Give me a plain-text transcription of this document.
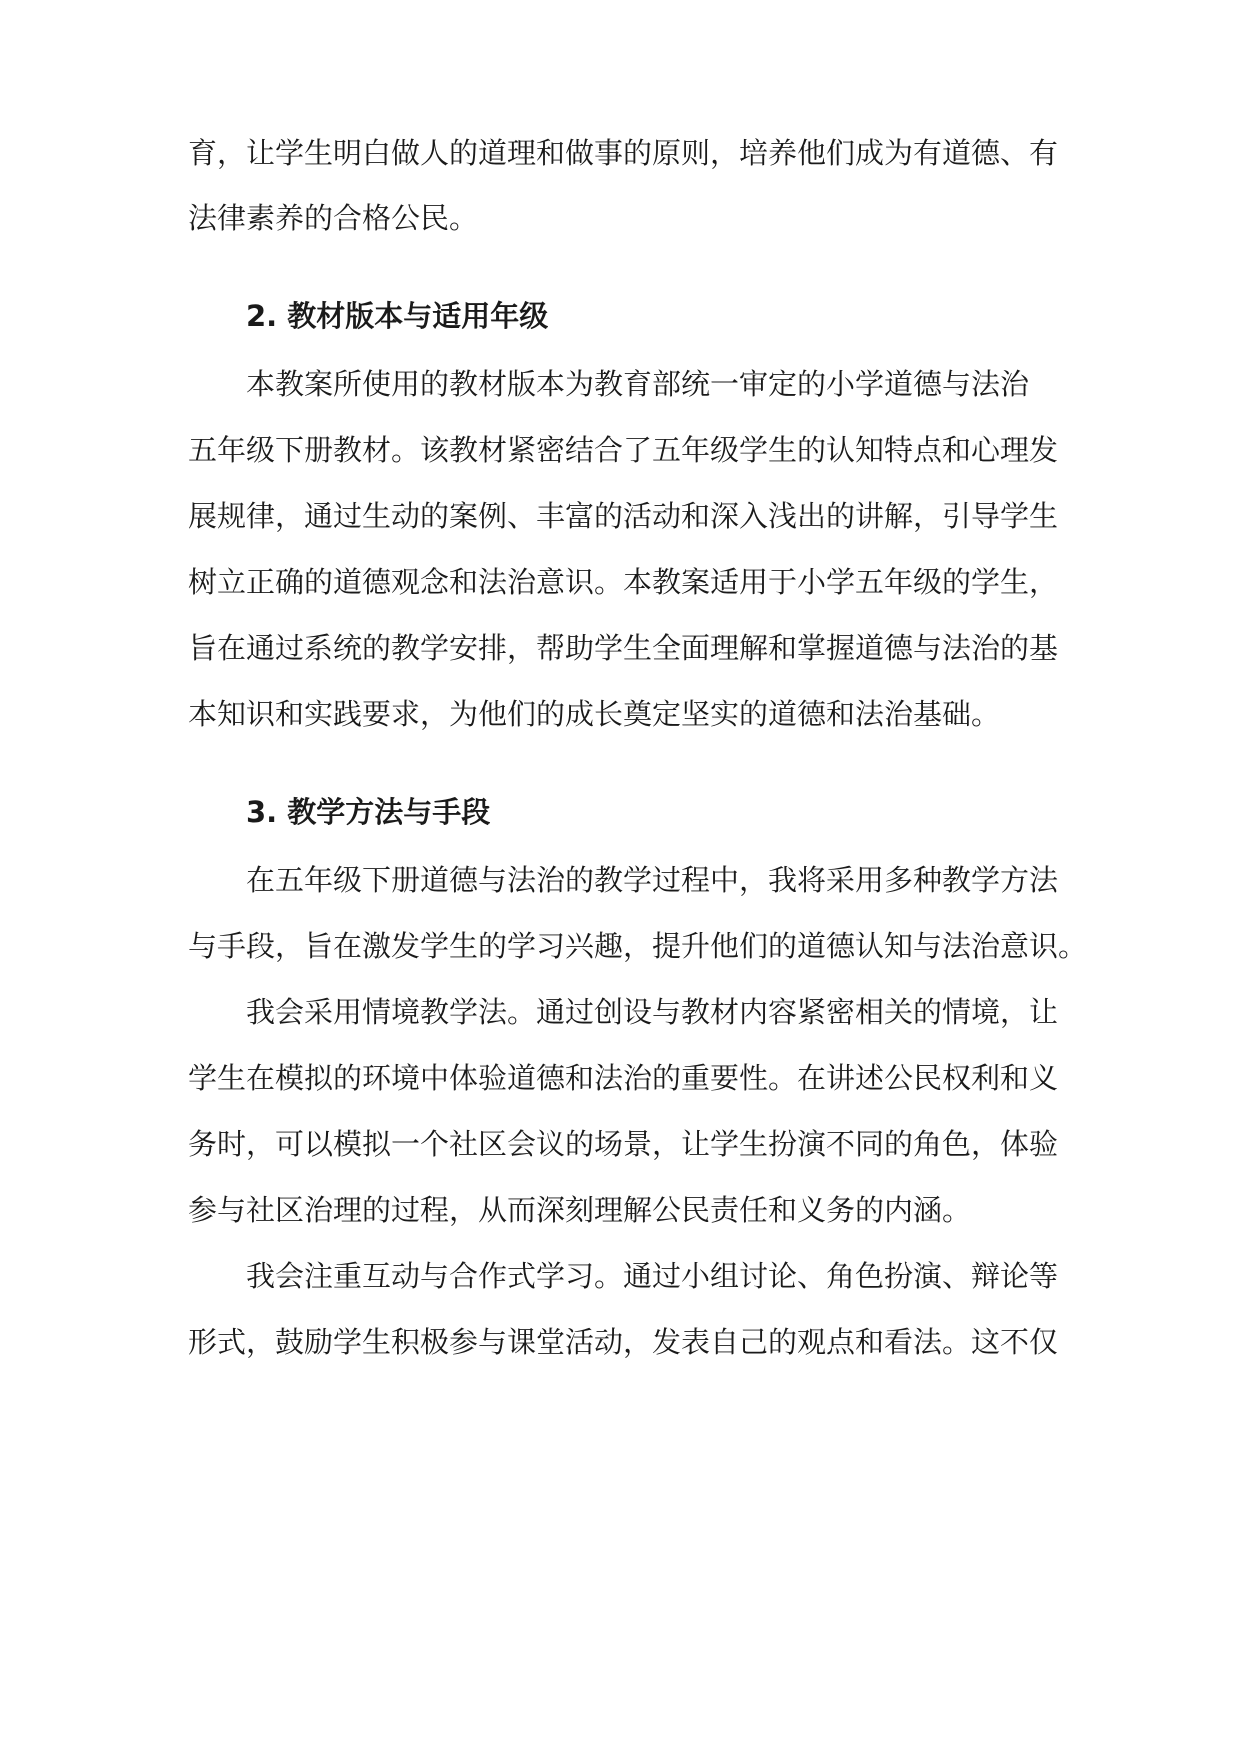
育，让学生明白做人的道理和做事的原则，培养他们成为有道德、有
法律素养的合格公民。
2. 教材版本与适用年级
本教案所使用的教材版本为教育部统一审定的小学道德与法治
五年级下册教材。该教材紧密结合了五年级学生的认知特点和心理发
展规律，通过生动的案例、丰富的活动和深入浅出的讲解，引导学生
树立正确的道德观念和法治意识。本教案适用于小学五年级的学生，
旨在通过系统的教学安排，帮助学生全面理解和掌握道德与法治的基
本知识和实践要求，为他们的成长奠定坚实的道德和法治基础。
3. 教学方法与手段
在五年级下册道德与法治的教学过程中，我将采用多种教学方法
与手段，旨在激发学生的学习兴趣，提升他们的道德认知与法治意识。
我会采用情境教学法。通过创设与教材内容紧密相关的情境，让
学生在模拟的环境中体验道德和法治的重要性。在讲述公民权利和义
务时，可以模拟一个社区会议的场景，让学生扮演不同的角色，体验
参与社区治理的过程，从而深刻理解公民责任和义务的内涵。
我会注重互动与合作式学习。通过小组讨论、角色扮演、辩论等
形式，鼓励学生积极参与课堂活动，发表自己的观点和看法。这不仅
